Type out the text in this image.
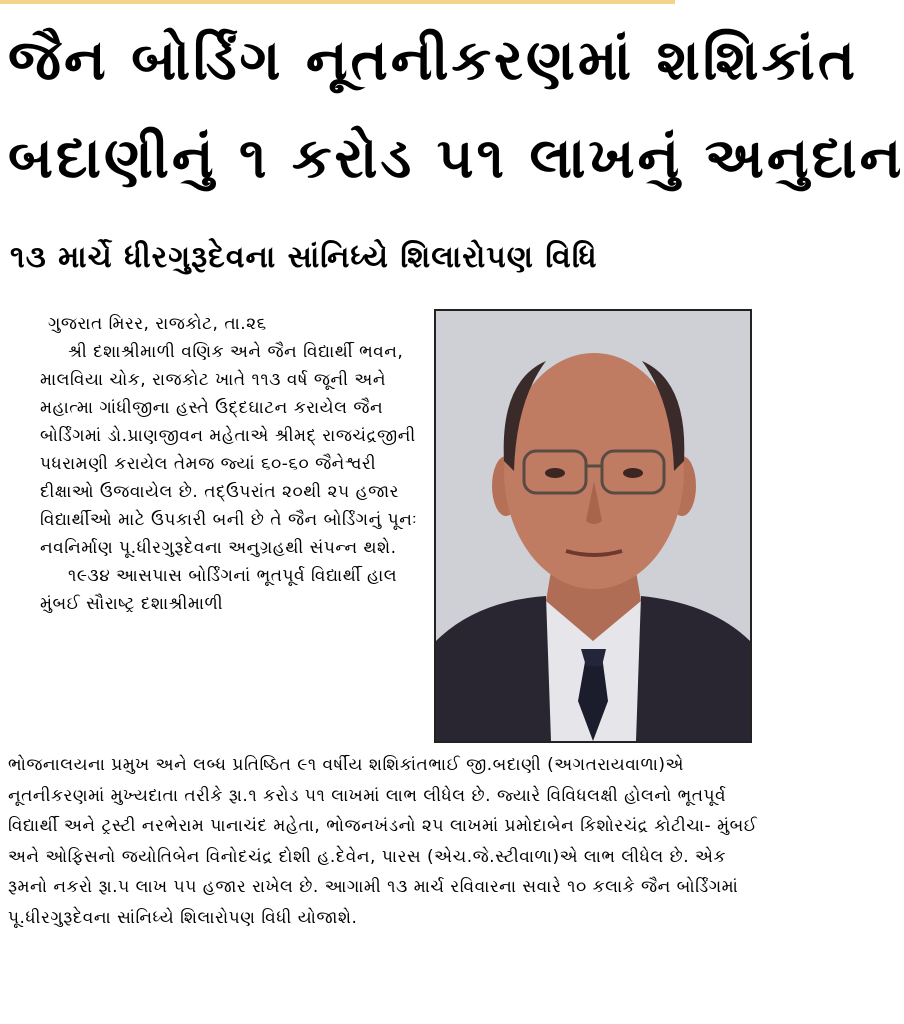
જૈન બોર્ડિંગ નૂતનીકરણમાં શશિકાંત
બદાણીનું ૧ કરોડ ૫૧ લાખનું અનુદાન
૧૩ માર્ચે ધીરગુરૂદેવના સાંનિધ્યે શિલારોપણ વિધિ

ગુજરાત મિરર, રાજકોટ, તા.૨૬

શ્રી દશાશ્રીમાળી વણિક અને જૈન વિદ્યાર્થી ભવન, માલવિયા ચોક, રાજકોટ ખાતે ૧૧૩ વર્ષ જૂની અને મહાત્મા ગાંધીજીના હસ્તે ઉદ્દઘાટન કરાયેલ જૈન બોર્ડિંગમાં ડો.પ્રાણજીવન મહેતાએ શ્રીમદ્ રાજચંદ્રજીની પધરામણી કરાયેલ તેમજ જ્યાં ૬૦-૬૦ જૈનેશ્વરી દીક્ષાઓ ઉજવાયેલ છે. તદ્ઉપરાંત ૨૦થી ૨૫ હજાર વિદ્યાર્થીઓ માટે ઉપકારી બની છે તે જૈન બોર્ડિંગનું પૂનઃ નવનિર્માણ પૂ.ધીરગુરૂદેવના અનુગ્રહથી સંપન્ન થશે.

૧૯૩૪ આસપાસ બોર્ડિંગનાં ભૂતપૂર્વ વિદ્યાર્થી હાલ મુંબઈ સૌરાષ્ટ્ર દશાશ્રીમાળી

ભોજનાલયના પ્રમુખ અને લબ્ધ પ્રતિષ્ઠિત ૯૧ વર્ષીય શશિકાંતભાઈ જી.બદાણી (અગતરાયવાળા)એ નૂતનીકરણમાં મુખ્યદાતા તરીકે રૂા.૧ કરોડ ૫૧ લાખમાં લાભ લીધેલ છે. જ્યારે વિવિધલક્ષી હોલનો ભૂતપૂર્વ વિદ્યાર્થી અને ટ્રસ્ટી નરભેરામ પાનાચંદ મહેતા, ભોજનખંડનો ૨૫ લાખમાં પ્રમોદાબેન કિશોરચંદ્ર કોટીચા- મુંબઈ અને ઓફિસનો જયોતિબેન વિનોદચંદ્ર દોશી હ.દેવેન, પારસ (એચ.જે.સ્ટીવાળા)એ લાભ લીધેલ છે. એક રૂમનો નકરો રૂા.૫ લાખ ૫૫ હજાર રાખેલ છે. આગામી ૧૩ માર્ચ રવિવારના સવારે ૧૦ કલાકે જૈન બોર્ડિંગમાં પૂ.ધીરગુરૂદેવના સાંનિધ્યે શિલારોપણ વિધી યોજાશે.
